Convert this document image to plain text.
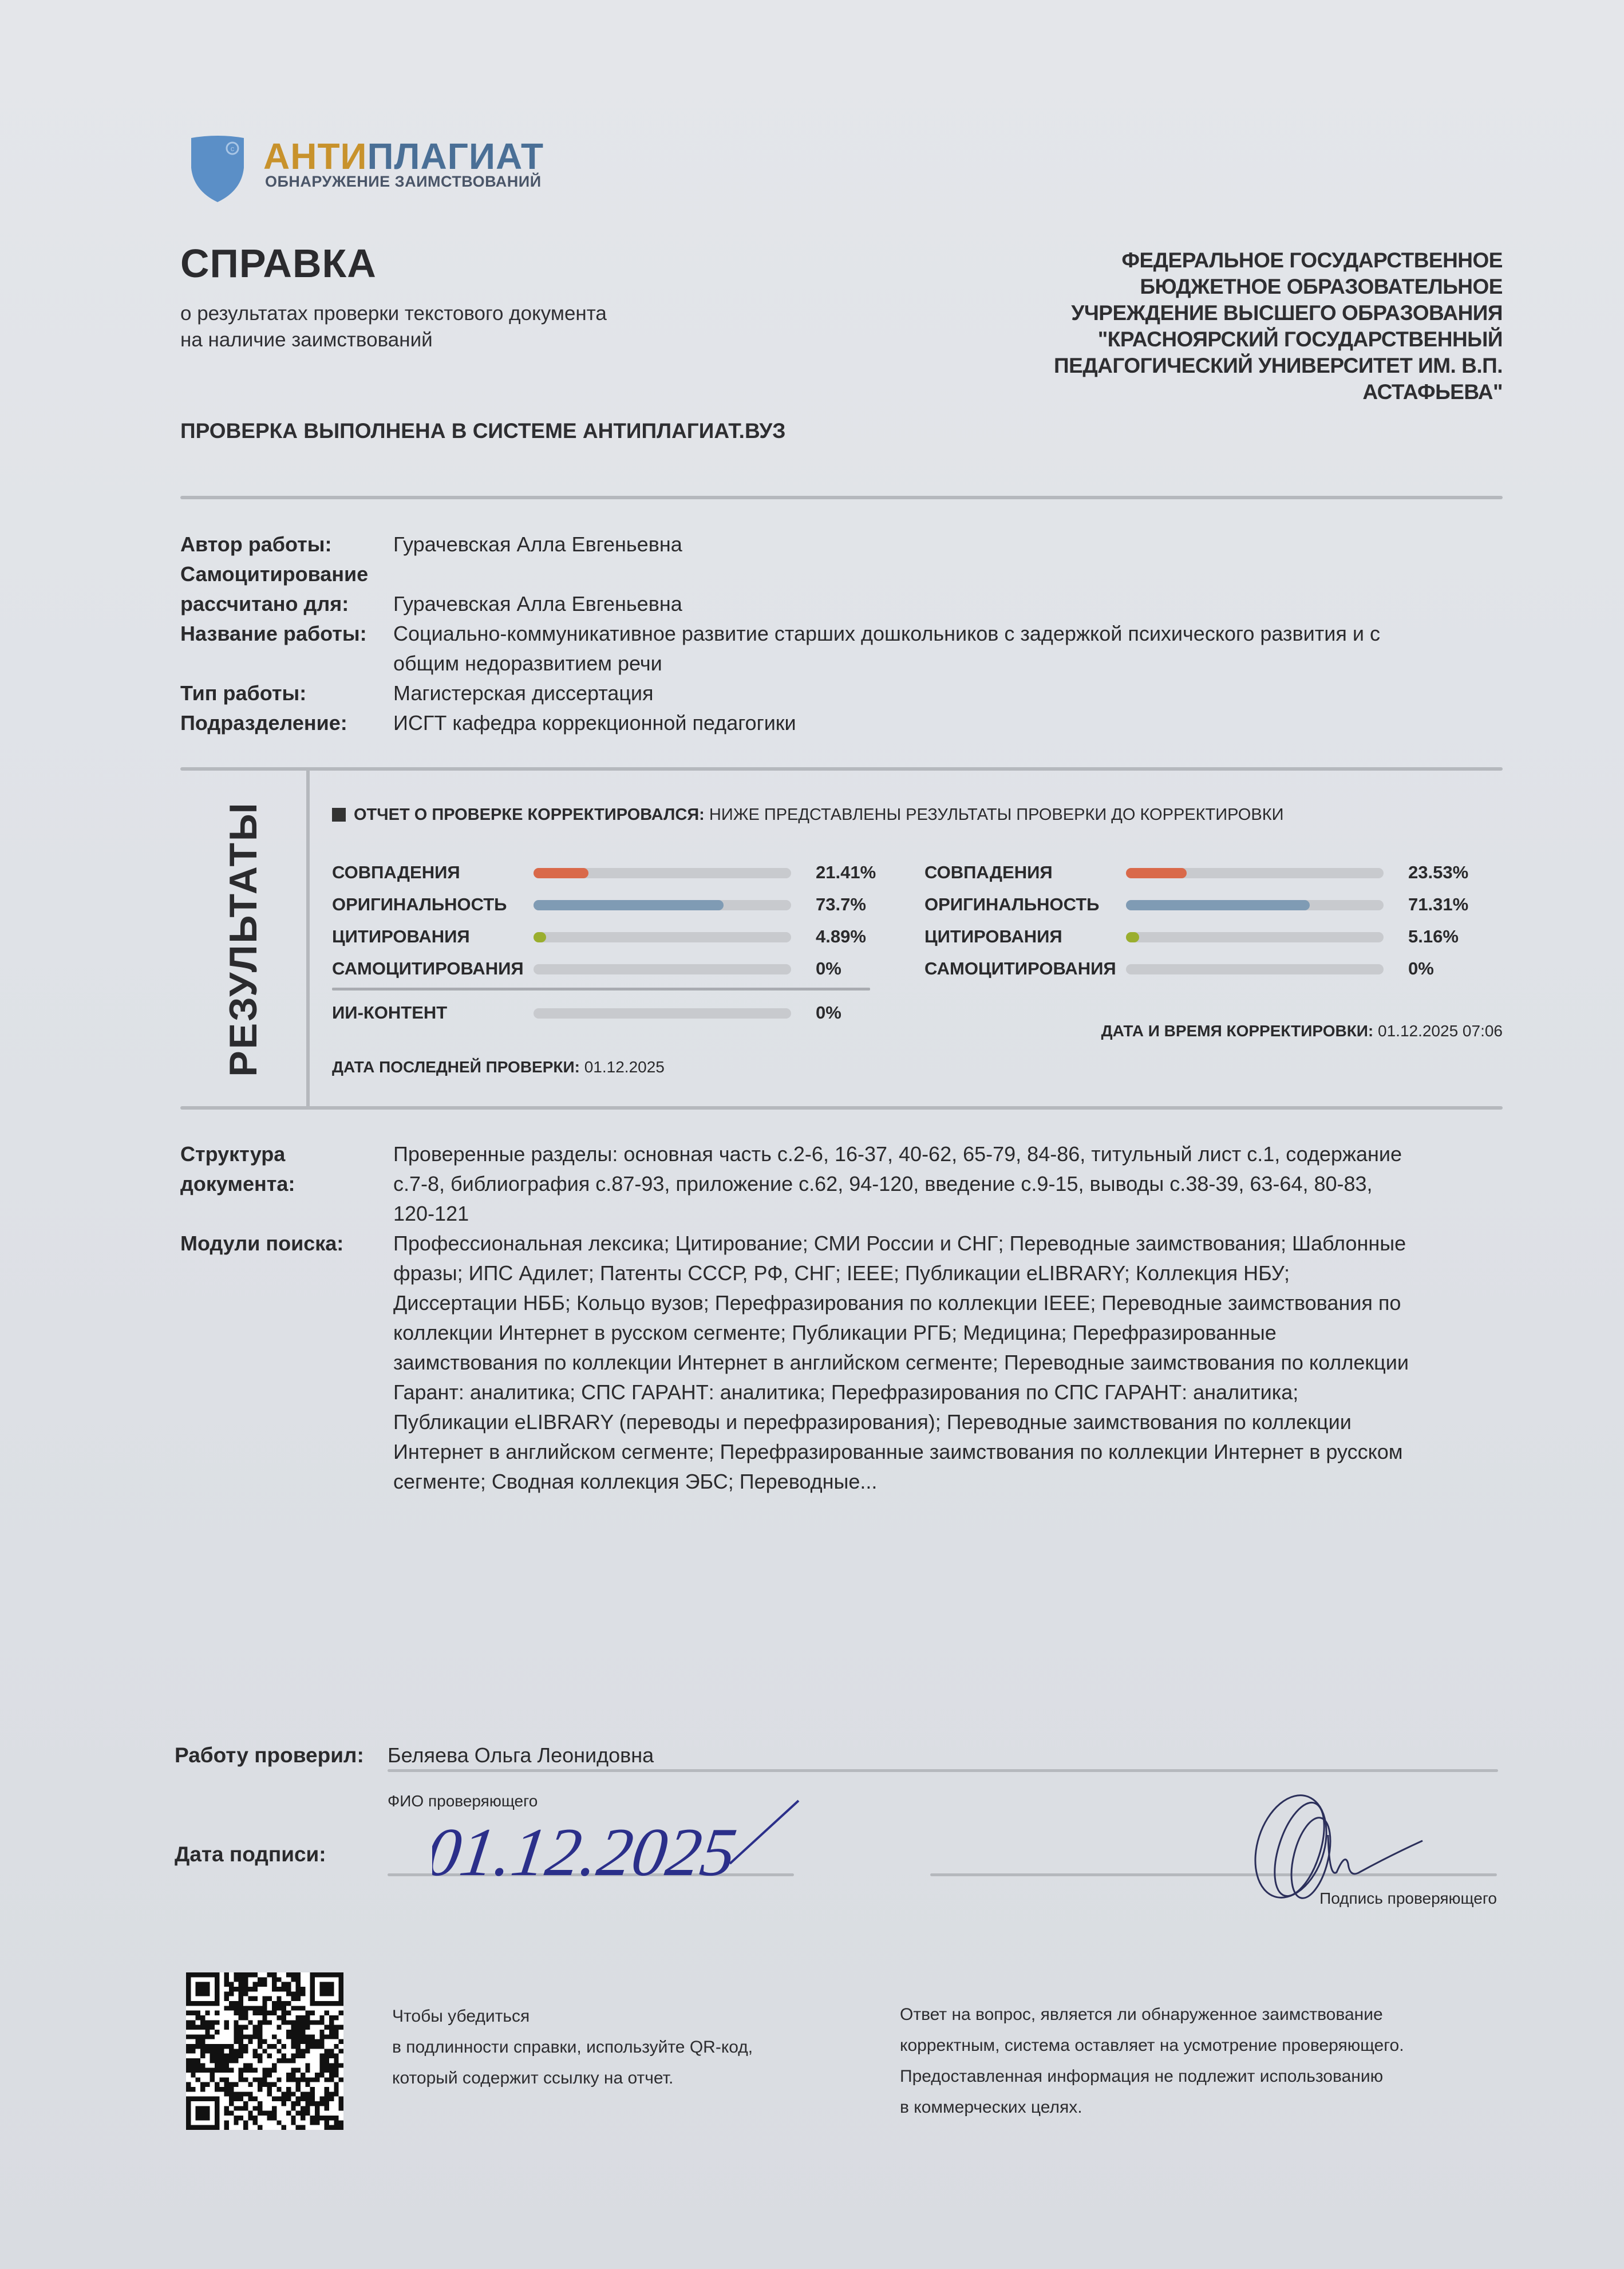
c АНТИПЛАГИАТ
ОБНАРУЖЕНИЕ ЗАИМСТВОВАНИЙ
СПРАВКА
о результатах проверки текстового документа
на наличие заимствований
ФЕДЕРАЛЬНОЕ ГОСУДАРСТВЕННОЕ
БЮДЖЕТНОЕ ОБРАЗОВАТЕЛЬНОЕ
УЧРЕЖДЕНИЕ ВЫСШЕГО ОБРАЗОВАНИЯ
"КРАСНОЯРСКИЙ ГОСУДАРСТВЕННЫЙ
ПЕДАГОГИЧЕСКИЙ УНИВЕРСИТЕТ ИМ. В.П.
АСТАФЬЕВА"
ПРОВЕРКА ВЫПОЛНЕНА В СИСТЕМЕ АНТИПЛАГИАТ.ВУЗ
Автор работы:	Гурачевская Алла Евгеньевна
Самоцитирование
рассчитано для:	Гурачевская Алла Евгеньевна
Название работы:	Социально-коммуникативное развитие старших дошкольников с задержкой психического развития и с
общим недоразвитием речи
Тип работы:	Магистерская диссертация
Подразделение:	ИСГТ кафедра коррекционной педагогики
РЕЗУЛЬТАТЫ	ОТЧЕТ О ПРОВЕРКЕ КОРРЕКТИРОВАЛСЯ: НИЖЕ ПРЕДСТАВЛЕНЫ РЕЗУЛЬТАТЫ ПРОВЕРКИ ДО КОРРЕКТИРОВКИ
СОВПАДЕНИЯ	21.41%
ОРИГИНАЛЬНОСТЬ	73.7%
ЦИТИРОВАНИЯ	4.89%
САМОЦИТИРОВАНИЯ	0%
ИИ-КОНТЕНТ	0%
ДАТА ПОСЛЕДНЕЙ ПРОВЕРКИ: 01.12.2025
СОВПАДЕНИЯ	23.53%
ОРИГИНАЛЬНОСТЬ	71.31%
ЦИТИРОВАНИЯ	5.16%
САМОЦИТИРОВАНИЯ	0%
ДАТА И ВРЕМЯ КОРРЕКТИРОВКИ: 01.12.2025 07:06
Структура
документа:
Проверенные разделы: основная часть с.2-6, 16-37, 40-62, 65-79, 84-86, титульный лист с.1, содержание
с.7-8, библиография с.87-93, приложение с.62, 94-120, введение с.9-15, выводы с.38-39, 63-64, 80-83,
120-121
Модули поиска:	Профессиональная лексика; Цитирование; СМИ России и СНГ; Переводные заимствования; Шаблонные
фразы; ИПС Адилет; Патенты СССР, РФ, СНГ; IEEE; Публикации eLIBRARY; Коллекция НБУ;
Диссертации НББ; Кольцо вузов; Перефразирования по коллекции IEEE; Переводные заимствования по
коллекции Интернет в русском сегменте; Публикации РГБ; Медицина; Перефразированные
заимствования по коллекции Интернет в английском сегменте; Переводные заимствования по коллекции
Гарант: аналитика; СПС ГАРАНТ: аналитика; Перефразирования по СПС ГАРАНТ: аналитика;
Публикации eLIBRARY (переводы и перефразирования); Переводные заимствования по коллекции
Интернет в английском сегменте; Перефразированные заимствования по коллекции Интернет в русском
сегменте; Сводная коллекция ЭБС; Переводные...
Работу проверил: Беляева Ольга Леонидовна
ФИО проверяющего
Дата подписи: 01.12.2025
Подпись проверяющего
Чтобы убедиться
в подлинности справки, используйте QR-код,
который содержит ссылку на отчет.
Ответ на вопрос, является ли обнаруженное заимствование
корректным, система оставляет на усмотрение проверяющего.
Предоставленная информация не подлежит использованию
в коммерческих целях.
